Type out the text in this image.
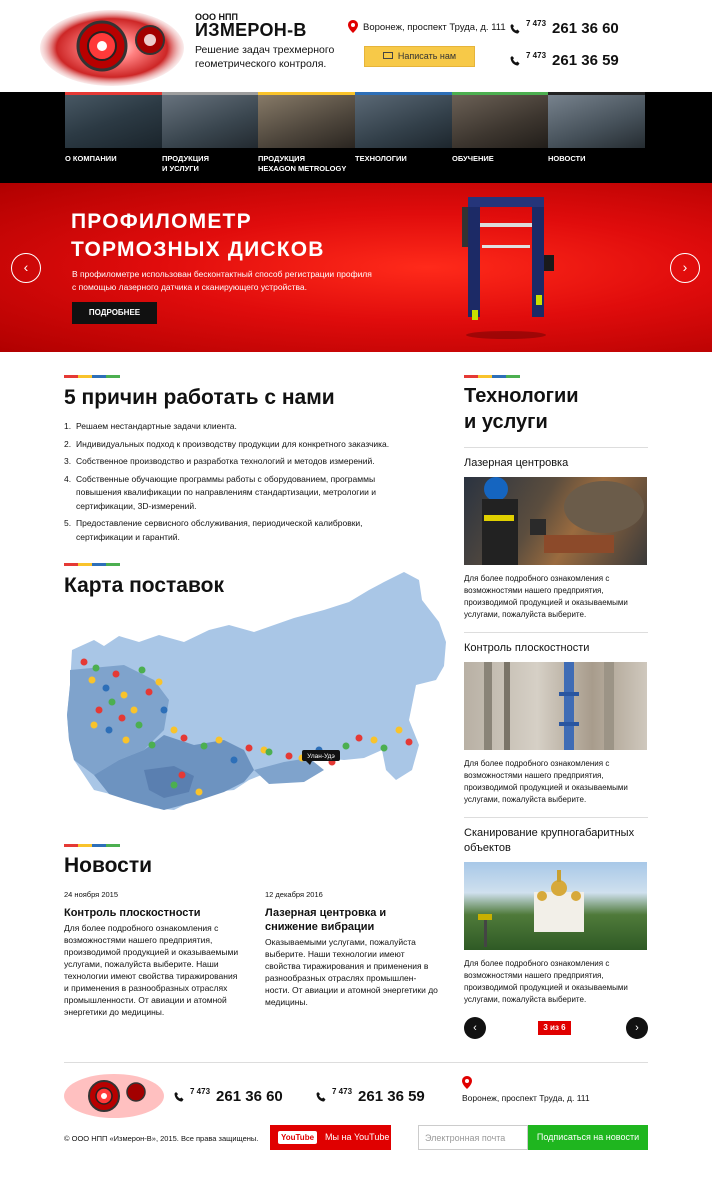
ООО НПП
ИЗМЕРОН-В
Решение задач трехмерного геометрического контроля.
Воронеж, проспект Труда, д. 111
Написать нам
$^{7 473}$ 261 36 60
$^{7 473}$ 261 36 59
О КОМПАНИИ	ПРОДУКЦИЯ
И УСЛУГИ
ПРОДУКЦИЯ
HEXAGON METROLOGY
ТЕХНОЛОГИИ	ОБУЧЕНИЕ	НОВОСТИ

ПРОФИЛОМЕТР
ТОРМОЗНЫХ ДИСКОВ
В профилометре использован бесконтактный способ регистрации профиля
с помощью лазерного датчика и сканирующего устройства.
ПОДРОБНЕЕ
‹	›
5 причин работать с нами
1. Решаем нестандартные задачи клиента.
2. Индивидуальных подход к производству продукции для конкретного заказчика.
3. Собственное производство и разработка технологий и методов измерений.
4. Собственные обучающие программы работы с оборудованием, программы повышения квалификации по направлениям стандартизации, метрологии и сертификации, 3D-измерений.
5. Предоставление сервисного обслуживания, периодической калибровки, сертификации и гарантий.
Карта поставок
Улан-Удэ
Новости
24 ноября 2015
Контроль плоскостности
Для более подробного ознакомления с возможностями нашего предприятия, производимой продукцией и оказываемыми услугами, пожалуйста выберите. Наши технологии имеют свойства тиражирования и применения в разнообразных отраслях промышленности. От авиации и атомной энергетики до медицины.
12 декабря 2016
Лазерная центровка и снижение вибрации
Оказываемыми услугами, пожалуйста выберите. Наши технологии имеют свойства тиражирования и применения в разнообразных отраслях промышлен-ности. От авиации и атомной энергетики до медицины.
Технологии
и услуги
Лазерная центровка
Для более подробного ознакомления с возможностями нашего предприятия, производимой продукцией и оказываемыми услугами, пожалуйста выберите.
Контроль плоскостности
Для более подробного ознакомления с возможностями нашего предприятия, производимой продукцией и оказываемыми услугами, пожалуйста выберите.
Сканирование крупногабаритных объектов
Для более подробного ознакомления с возможностями нашего предприятия, производимой продукцией и оказываемыми услугами, пожалуйста выберите.
‹	3 из 6	›
$^{7 473}$ 261 36 60	$^{7 473}$ 261 36 59	Воронеж, проспект Труда, д. 111
© ООО НПП «Измерон-В», 2015. Все права защищены.	YouTube Мы на YouTube
Электронная почта	Подписаться на новости
